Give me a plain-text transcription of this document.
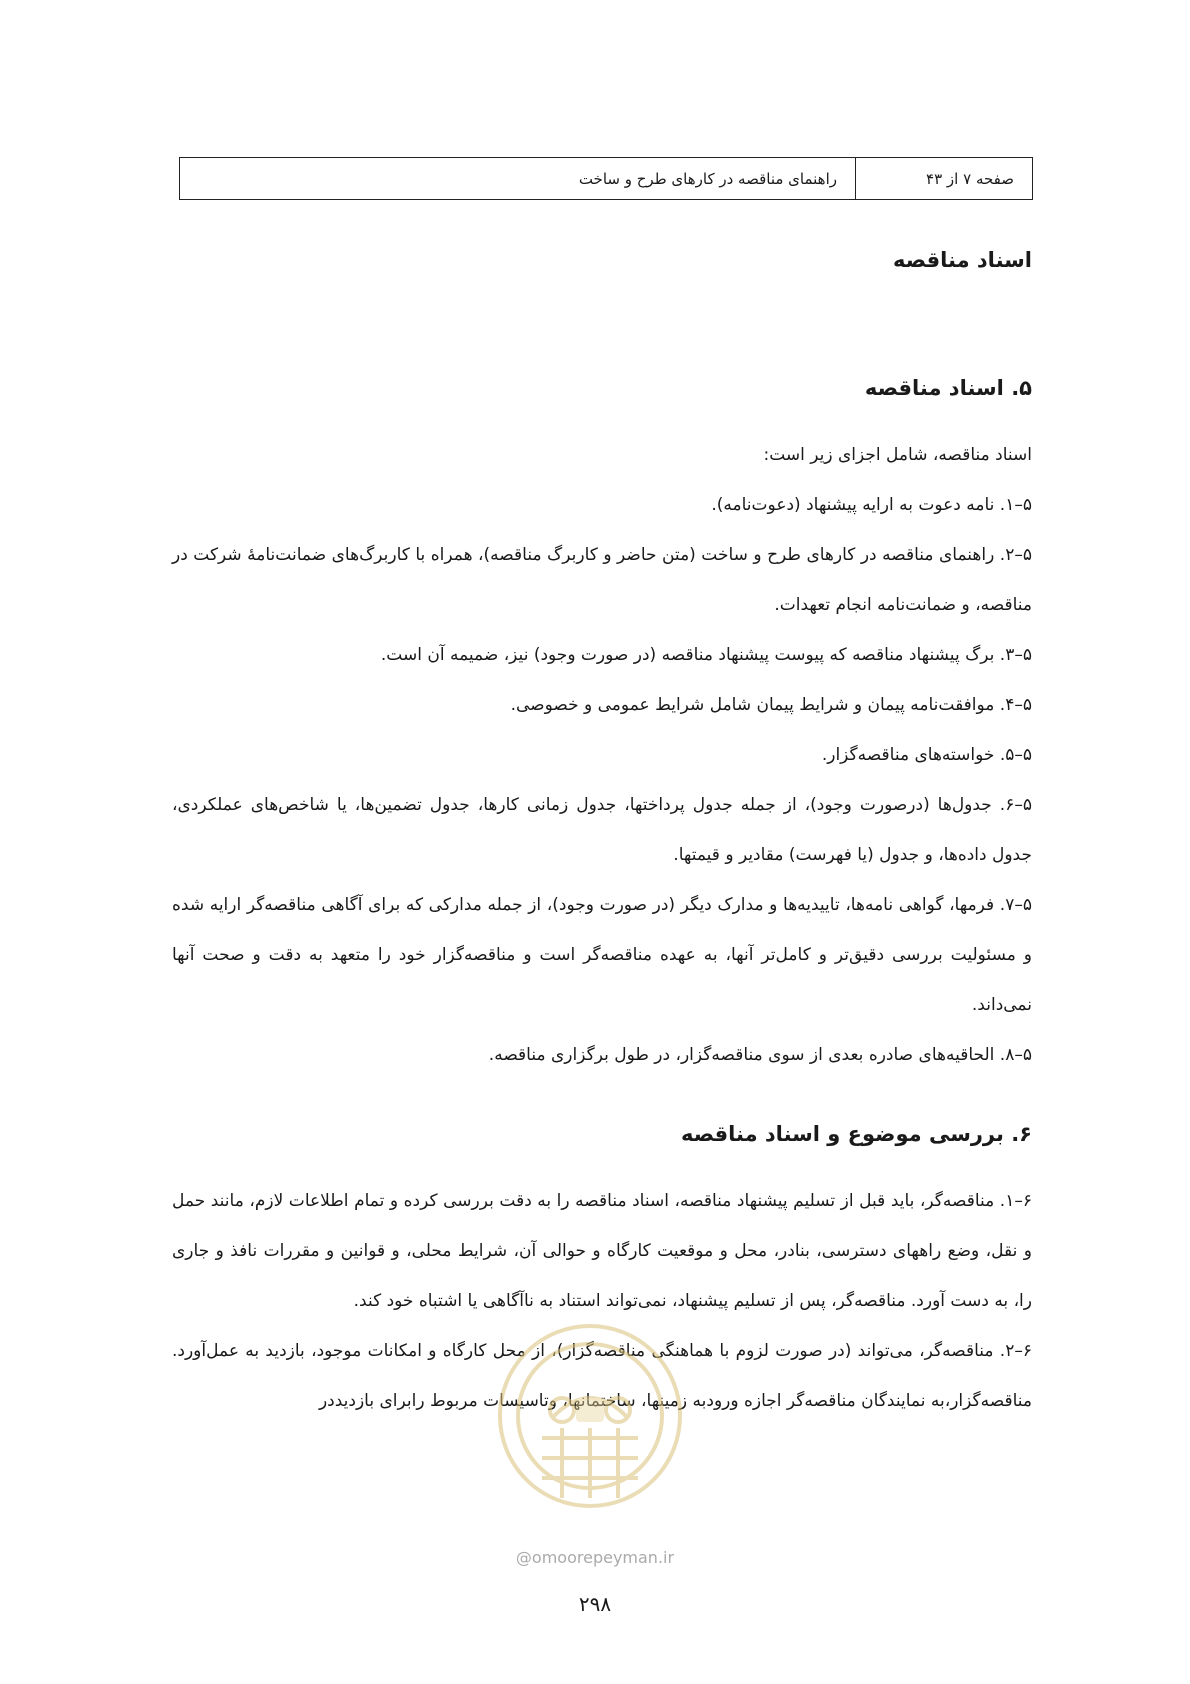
صفحه ۷ از ۴۳
راهنمای مناقصه در کارهای طرح و ساخت
اسناد مناقصه
۵. اسناد مناقصه

اسناد مناقصه، شامل اجزای زیر است:

۵–۱. نامه دعوت به ارایه پیشنهاد (دعوت‌نامه).

۵–۲. راهنمای مناقصه در کارهای طرح و ساخت (متن حاضر و کاربرگ مناقصه)، همراه با کاربرگ‌های ضمانت‌نامهٔ شرکت در مناقصه، و ضمانت‌نامه انجام تعهدات.

۵–۳. برگ پیشنهاد مناقصه که پیوست پیشنهاد مناقصه (در صورت وجود) نیز، ضمیمه آن است.

۵–۴. موافقت‌نامه پیمان و شرایط پیمان شامل شرایط عمومی و خصوصی.

۵–۵. خواسته‌های مناقصه‌گزار.

۵–۶. جدول‌ها (درصورت وجود)، از جمله جدول پرداختها، جدول زمانی کارها، جدول تضمین‌ها، یا شاخص‌های عملکردی، جدول داده‌ها، و جدول (یا فهرست) مقادیر و قیمتها.

۵–۷. فرمها، گواهی نامه‌ها، تاییدیه‌ها و مدارک دیگر (در صورت وجود)، از جمله مدارکی که برای آگاهی مناقصه‌گر ارایه شده و مسئولیت بررسی دقیق‌تر و کامل‌تر آنها، به عهده مناقصه‌گر است و مناقصه‌گزار خود را متعهد به دقت و صحت آنها نمی‌داند.

۵–۸. الحاقیه‌های صادره بعدی از سوی مناقصه‌گزار، در طول برگزاری مناقصه.

۶. بررسی موضوع و اسناد مناقصه

۶–۱. مناقصه‌گر، باید قبل از تسلیم پیشنهاد مناقصه، اسناد مناقصه را به دقت بررسی کرده و تمام اطلاعات لازم، مانند حمل و نقل، وضع راههای دسترسی، بنادر، محل و موقعیت کارگاه و حوالی آن، شرایط محلی، و قوانین و مقررات نافذ و جاری را، به دست آورد. مناقصه‌گر، پس از تسلیم پیشنهاد، نمی‌تواند استناد به ناآگاهی یا اشتباه خود کند.

۶–۲. مناقصه‌گر، می‌تواند (در صورت لزوم با هماهنگی مناقصه‌گزار)، از محل کارگاه و امکانات موجود، بازدید به عمل‌آورد. مناقصه‌گزار،به نمایندگان مناقصه‌گر اجازه ورودبه زمینها، ساختمانها، وتاسیسات مربوط رابرای بازدیددر

@omoorepeyman.ir
۲۹۸
